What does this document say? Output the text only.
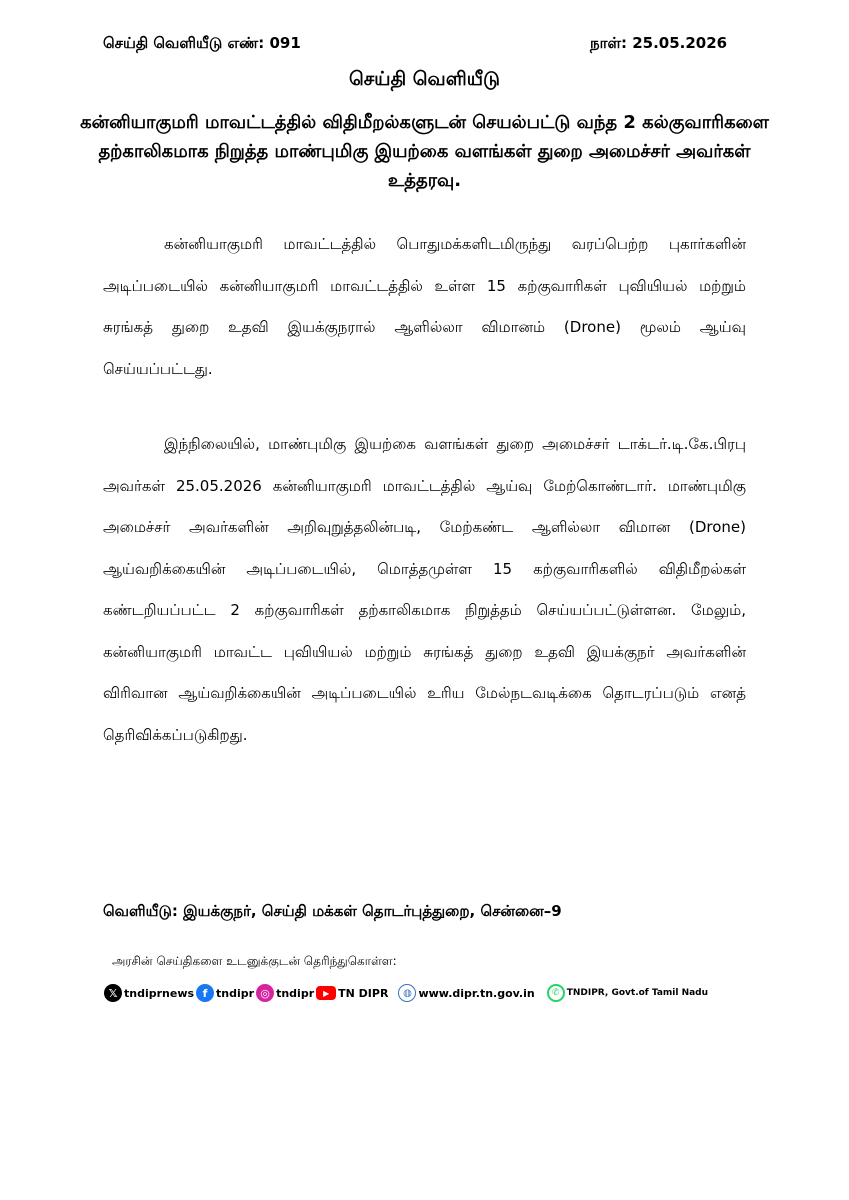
செய்தி வெளியீடு எண்: 091	நாள்: 25.05.2026
செய்தி வெளியீடு
கன்னியாகுமரி மாவட்டத்தில் விதிமீறல்களுடன் செயல்பட்டு வந்த 2 கல்குவாரிகளை தற்காலிகமாக நிறுத்த மாண்புமிகு இயற்கை வளங்கள் துறை அமைச்சர் அவர்கள் உத்தரவு.

கன்னியாகுமரி மாவட்டத்தில் பொதுமக்களிடமிருந்து வரப்பெற்ற புகார்களின் அடிப்படையில் கன்னியாகுமரி மாவட்டத்தில் உள்ள 15 கற்குவாரிகள் புவியியல் மற்றும் சுரங்கத் துறை உதவி இயக்குநரால் ஆளில்லா விமானம் (Drone) மூலம் ஆய்வு செய்யப்பட்டது.

இந்நிலையில், மாண்புமிகு இயற்கை வளங்கள் துறை அமைச்சர் டாக்டர்.டி.கே.பிரபு அவர்கள் 25.05.2026 கன்னியாகுமரி மாவட்டத்தில் ஆய்வு மேற்கொண்டார். மாண்புமிகு அமைச்சர் அவர்களின் அறிவுறுத்தலின்படி, மேற்கண்ட ஆளில்லா விமான (Drone) ஆய்வறிக்கையின் அடிப்படையில், மொத்தமுள்ள 15 கற்குவாரிகளில் விதிமீறல்கள் கண்டறியப்பட்ட 2 கற்குவாரிகள் தற்காலிகமாக நிறுத்தம் செய்யப்பட்டுள்ளன. மேலும், கன்னியாகுமரி மாவட்ட புவியியல் மற்றும் சுரங்கத் துறை உதவி இயக்குநர் அவர்களின் விரிவான ஆய்வறிக்கையின் அடிப்படையில் உரிய மேல்நடவடிக்கை தொடரப்படும் எனத் தெரிவிக்கப்படுகிறது.

வெளியீடு: இயக்குநர், செய்தி மக்கள் தொடர்புத்துறை, சென்னை–9
அரசின் செய்திகளை உடனுக்குடன் தெரிந்துகொள்ள:
𝕏 tndiprnews f tndipr ◎ tndipr	▶ TN DIPR	◍ www.dipr.tn.gov.in	✆ TNDIPR, Govt.of Tamil Nadu
